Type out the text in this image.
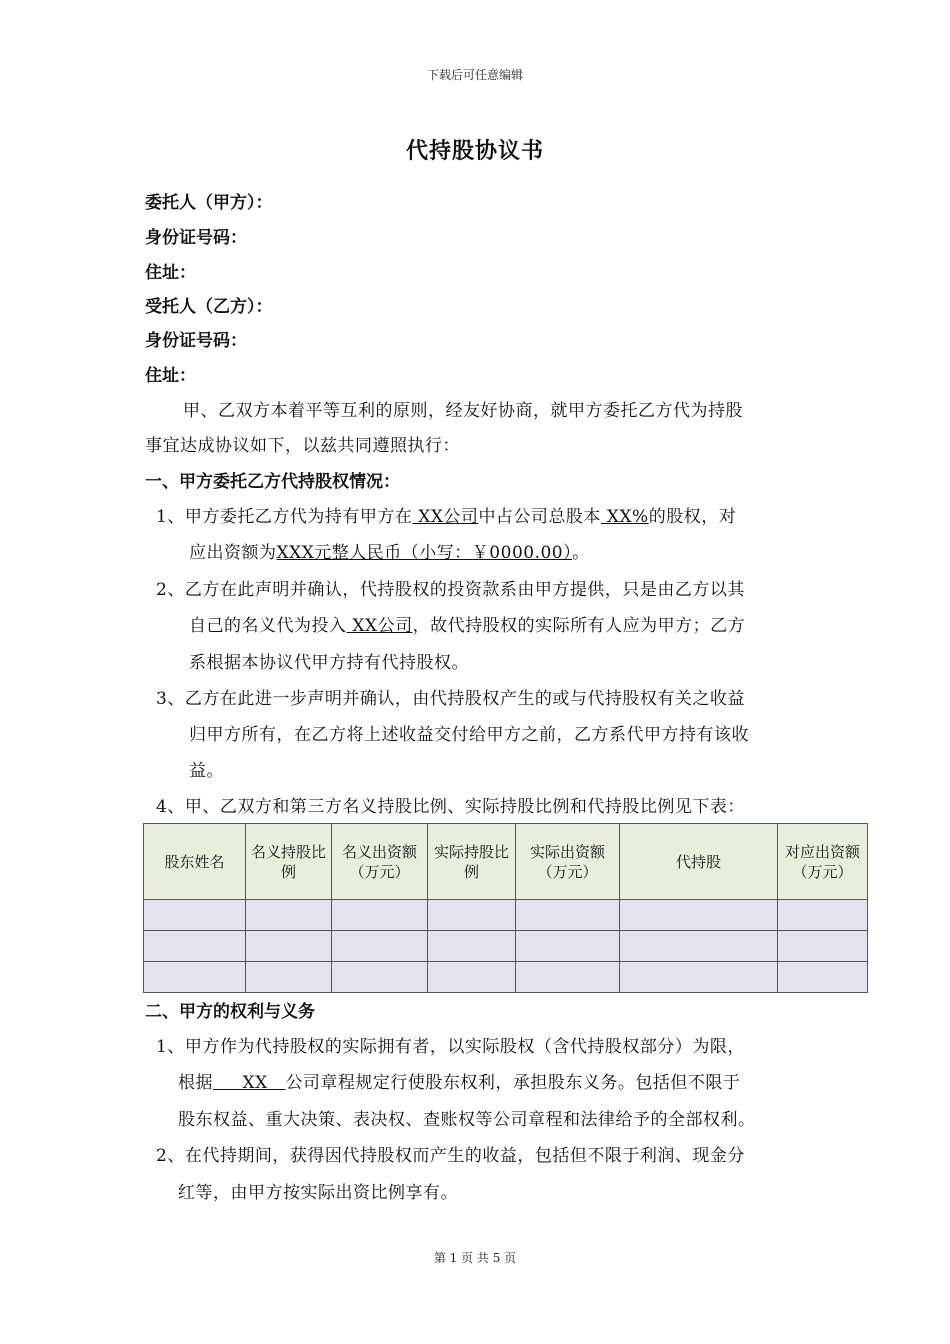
下载后可任意编辑
代持股协议书
委托人（甲方）：
身份证号码：
住址：
受托人（乙方）：
身份证号码：
住址：
甲、乙双方本着平等互利的原则，经友好协商，就甲方委托乙方代为持股
事宜达成协议如下，以兹共同遵照执行：
一、甲方委托乙方代持股权情况：
1、甲方委托乙方代为持有甲方在 XX公司中占公司总股本 XX%的股权，对
应出资额为XXX元整人民币（小写：￥0000.00）。
2、乙方在此声明并确认，代持股权的投资款系由甲方提供，只是由乙方以其
自己的名义代为投入 XX公司，故代持股权的实际所有人应为甲方；乙方
系根据本协议代甲方持有代持股权。
3、乙方在此进一步声明并确认，由代持股权产生的或与代持股权有关之收益
归甲方所有，在乙方将上述收益交付给甲方之前，乙方系代甲方持有该收
益。
4、甲、乙双方和第三方名义持股比例、实际持股比例和代持股比例见下表：
股东姓名	名义持股比例	名义出资额（万元）	实际持股比例	实际出资额（万元）	代持股	对应出资额（万元）

二、甲方的权利与义务
1、甲方作为代持股权的实际拥有者，以实际股权（含代持股权部分）为限，
根据     XX   公司章程规定行使股东权利，承担股东义务。包括但不限于
股东权益、重大决策、表决权、查账权等公司章程和法律给予的全部权利。
2、在代持期间，获得因代持股权而产生的收益，包括但不限于利润、现金分
红等，由甲方按实际出资比例享有。
第 1 页 共 5 页
